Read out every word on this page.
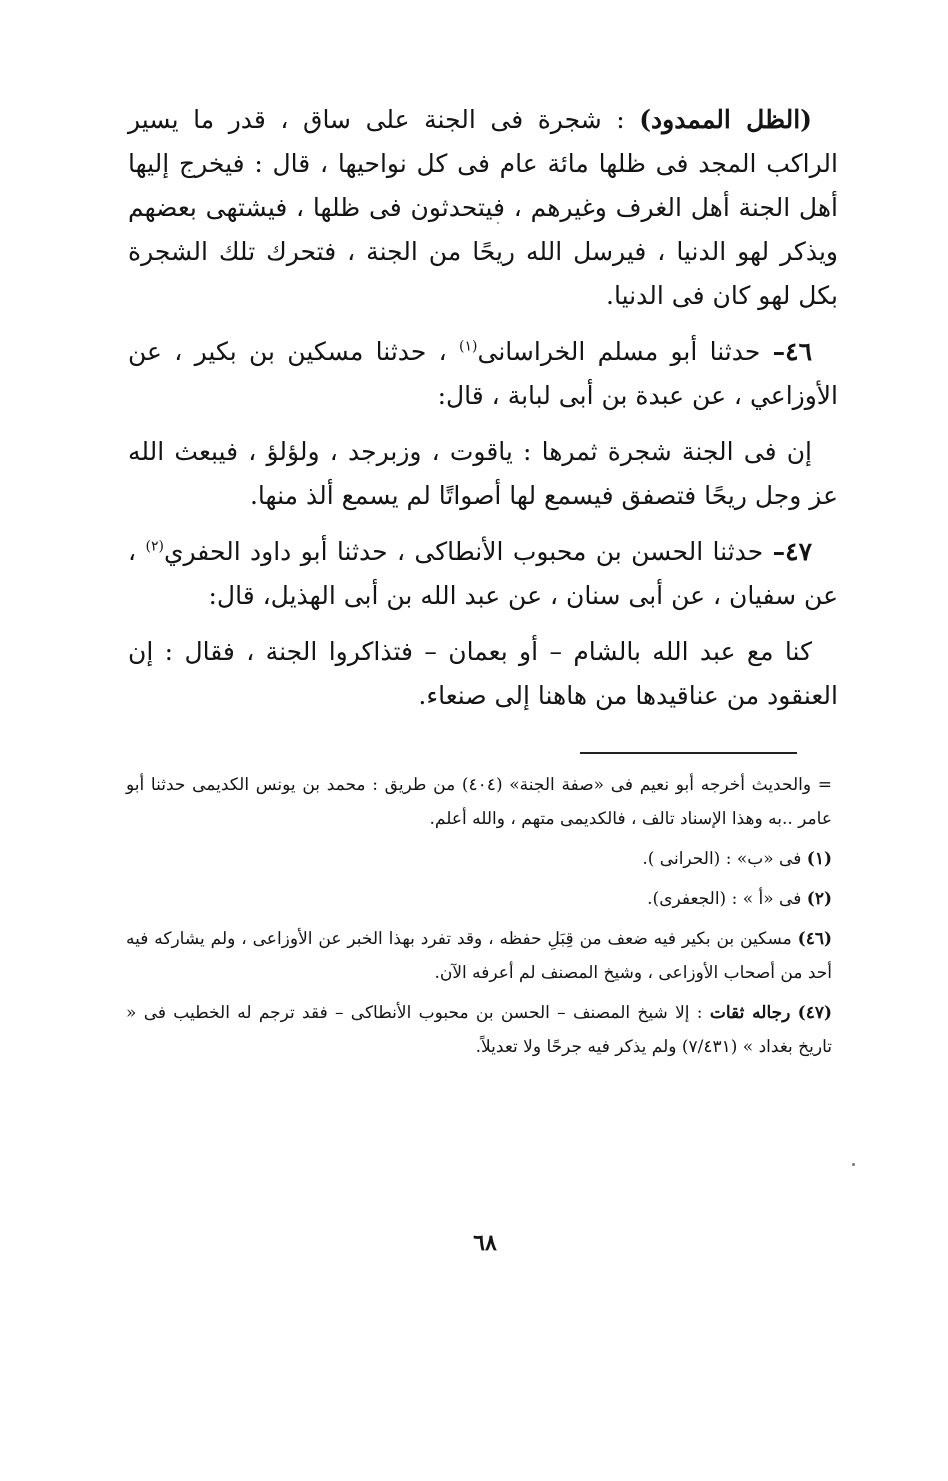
(الظل الممدود) : شجرة فى الجنة على ساق ، قدر ما يسير الراكب المجد فى ظلها مائة عام فى كل نواحيها ، قال : فيخرج إليها أهل الجنة أهل الغرف وغيرهم ، فيتحدثون فى ظلها ، فيشتهى بعضهم ويذكر لهو الدنيا ، فيرسل الله ريحًا من الجنة ، فتحرك تلك الشجرة بكل لهو كان فى الدنيا.

٤٦– حدثنا أبو مسلم الخراسانى$^{(١)}$ ، حدثنا مسكين بن بكير ، عن الأوزاعي ، عن عبدة بن أبى لبابة ، قال:

إن فى الجنة شجرة ثمرها : ياقوت ، وزبرجد ، ولؤلؤ ، فيبعث الله عز وجل ريحًا فتصفق فيسمع لها أصواتًا لم يسمع ألذ منها.

٤٧– حدثنا الحسن بن محبوب الأنطاكى ، حدثنا أبو داود الحفري$^{(٢)}$ ، عن سفيان ، عن أبى سنان ، عن عبد الله بن أبى الهذيل، قال:

كنا مع عبد الله بالشام – أو بعمان – فتذاكروا الجنة ، فقال : إن العنقود من عناقيدها من هاهنا إلى صنعاء.

= والحديث أخرجه أبو نعيم فى «صفة الجنة» (٤٠٤) من طريق : محمد بن يونس الكديمى حدثنا أبو عامر ..به وهذا الإسناد تالف ، فالكديمى متهم ، والله أعلم.

(١) فى «ب» : (الحرانى ).

(٢) فى «أ » : (الجعفرى).

(٤٦) مسكين بن بكير فيه ضعف من قِبَلِ حفظه ، وقد تفرد بهذا الخبر عن الأوزاعى ، ولم يشاركه فيه أحد من أصحاب الأوزاعى ، وشيخ المصنف لم أعرفه الآن.

(٤٧) رجاله ثقات : إلا شيخ المصنف – الحسن بن محبوب الأنطاكى – فقد ترجم له الخطيب فى « تاريخ بغداد » (٧/٤٣١) ولم يذكر فيه جرحًا ولا تعديلاً.

٦٨
